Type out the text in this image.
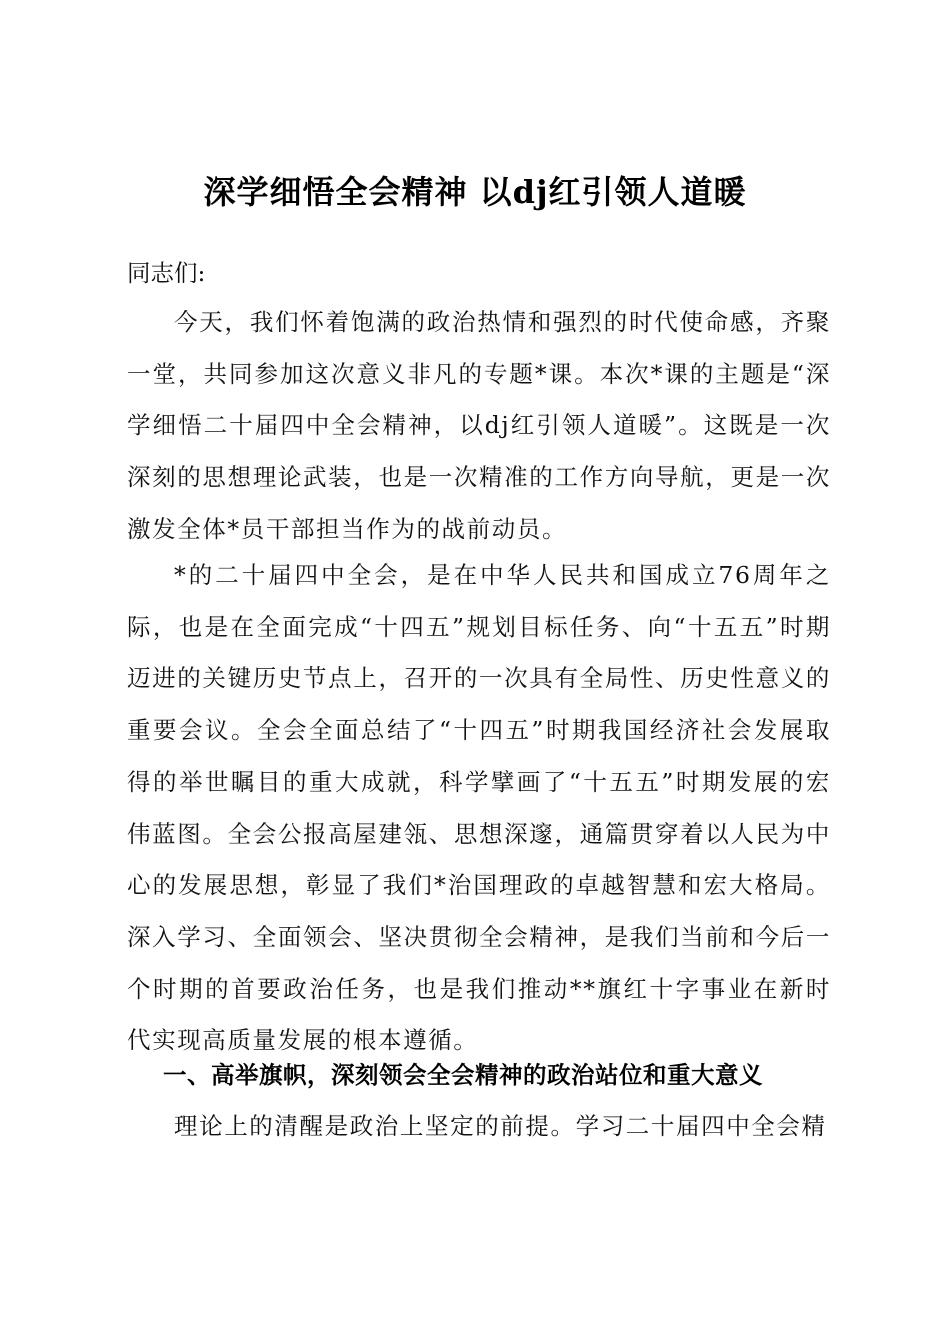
深学细悟全会精神 以dj红引领人道暖

同志们:

今天，我们怀着饱满的政治热情和强烈的时代使命感，齐聚一堂，共同参加这次意义非凡的专题*课。本次*课的主题是“深学细悟二十届四中全会精神，以dj红引领人道暖”。这既是一次深刻的思想理论武装，也是一次精准的工作方向导航，更是一次激发全体*员干部担当作为的战前动员。

*的二十届四中全会，是在中华人民共和国成立76周年之际，也是在全面完成“十四五”规划目标任务、向“十五五”时期迈进的关键历史节点上，召开的一次具有全局性、历史性意义的重要会议。全会全面总结了“十四五”时期我国经济社会发展取得的举世瞩目的重大成就，科学擘画了“十五五”时期发展的宏伟蓝图。全会公报高屋建瓴、思想深邃，通篇贯穿着以人民为中心的发展思想，彰显了我们*治国理政的卓越智慧和宏大格局。深入学习、全面领会、坚决贯彻全会精神，是我们当前和今后一个时期的首要政治任务，也是我们推动**旗红十字事业在新时代实现高质量发展的根本遵循。

一、高举旗帜，深刻领会全会精神的政治站位和重大意义

理论上的清醒是政治上坚定的前提。学习二十届四中全会精
